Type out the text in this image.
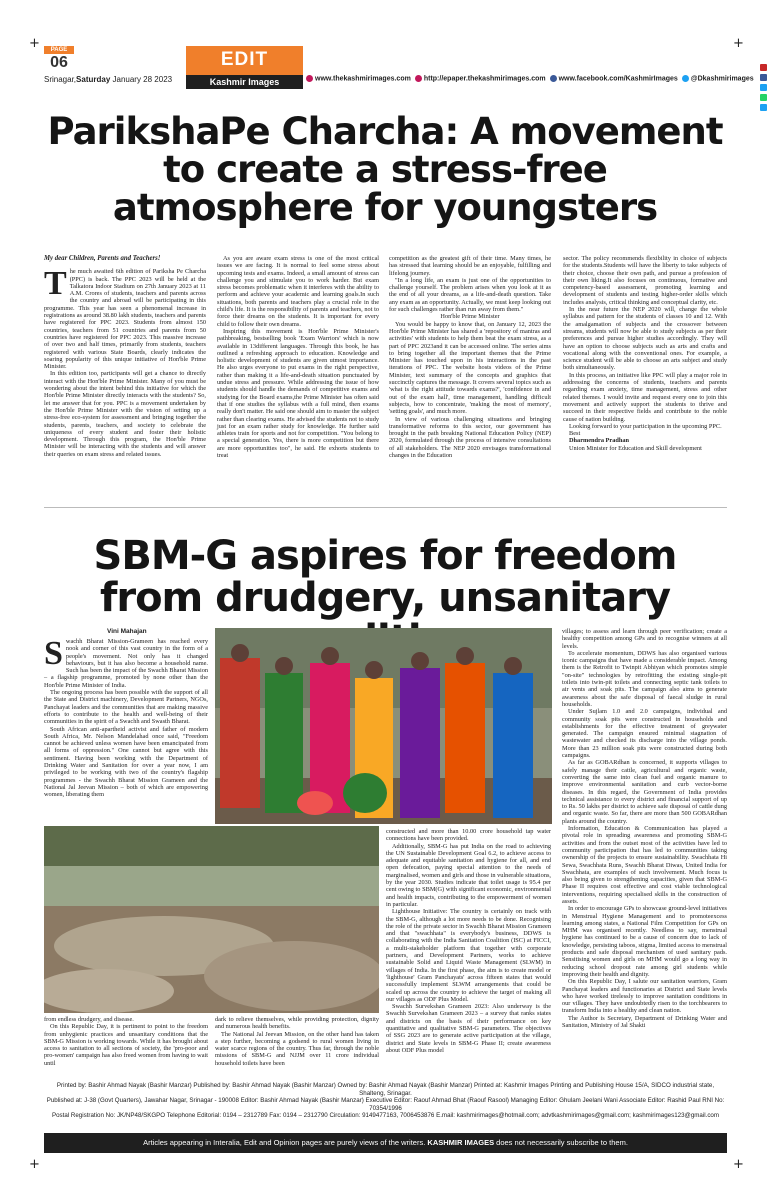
+	+
+	+
PAGE
06
Srinagar,Saturday January 28 2023
EDIT
Kashmir Images	www.thekashmirimages.com	http://epaper.thekashmirimages.com	www.facebook.com/KashmirImages	@Dkashmirimages
ParikshaPe Charcha: A movement to create a stress-free atmosphere for youngsters

My dear Children, Parents and Teachers!

The much awaited 6th edition of Pariksha Pe Charcha (PPC) is back. The PPC 2023 will be held at the Talkatora Indoor Stadium on 27th January 2023 at 11 A.M. Crores of students, teachers and parents across the country and abroad will be participating in this programme. This year has seen a phenomenal increase in registrations as around 38.80 lakh students, teachers and parents have registered for PPC 2023. Students from almost 150 countries, teachers from 51 countries and parents from 50 countries have registered for PPC 2023. This massive increase of over two and half times, primarily from students, teachers registered with various State Boards, clearly indicates the soaring popularity of this unique initiative of Hon'ble Prime Minister.

In this edition too, participants will get a chance to directly interact with the Hon'ble Prime Minister. Many of you must be wondering about the intent behind this initiative for which the Hon'ble Prime Minister directly interacts with the students? So, let me answer that for you. PPC is a movement undertaken by the Hon'ble Prime Minister with the vision of setting up a stress-free eco-system for assessment and bringing together the students, parents, teachers, and society to celebrate the uniqueness of every student and foster their holistic development. Through this program, the Hon'ble Prime Minister will be interacting with the students and will answer their queries on exam stress and related issues.

As you are aware exam stress is one of the most critical issues we are facing. It is normal to feel some stress about upcoming tests and exams. Indeed, a small amount of stress can challenge you and stimulate you to work harder. But exam stress becomes problematic when it interferes with the ability to perform and achieve your academic and learning goals.In such situations, both parents and teachers play a crucial role in the child's life. It is the responsibility of parents and teachers, not to force their dreams on the students. It is important for every child to follow their own dreams.

Inspiring this movement is Hon'ble Prime Minister's pathbreaking, bestselling book 'Exam Warriors' which is now available in 13different languages. Through this book, he has outlined a refreshing approach to education. Knowledge and holistic development of students are given utmost importance. He also urges everyone to put exams in the right perspective, rather than making it a life-and-death situation punctuated by undue stress and pressure. While addressing the issue of how students should handle the demands of competitive exams and studying for the Board exams,the Prime Minister has often said that if one studies the syllabus with a full mind, then exams really don't matter. He said one should aim to master the subject rather than clearing exams. He advised the students not to study just for an exam rather study for knowledge. He further said athletes train for sports and not for competition. "You belong to a special generation. Yes, there is more competition but there are more opportunities too", he said. He exhorts students to treat

competition as the greatest gift of their time. Many times, he has stressed that learning should be an enjoyable, fulfilling and lifelong journey.

"In a long life, an exam is just one of the opportunities to challenge yourself. The problem arises when you look at it as the end of all your dreams, as a life-and-death question. Take any exam as an opportunity. Actually, we must keep looking out for such challenges rather than run away from them."

Hon'ble Prime Minister

You would be happy to know that, on January 12, 2023 the Hon'ble Prime Minister has shared a 'repository of mantras and activities' with students to help them beat the exam stress, as a part of PPC 2023and it can be accessed online. The series aims to bring together all the important themes that the Prime Minister has touched upon in his interactions in the past iterations of PPC. The website hosts videos of the Prime Minister, text summary of the concepts and graphics that succinctly captures the message. It covers several topics such as 'what is the right attitude towards exams?', 'confidence in and out of the exam hall', time management, handling difficult subjects, how to concentrate, 'making the most of memory', 'setting goals', and much more.

In view of various challenging situations and bringing transformative reforms to this sector, our government has brought in the path breaking National Education Policy (NEP) 2020, formulated through the process of intensive consultations of all stakeholders. The NEP 2020 envisages transformational changes in the Education

sector. The policy recommends flexibility in choice of subjects for the students.Students will have the liberty to take subjects of their choice, choose their own path, and pursue a profession of their own liking.It also focuses on continuous, formative and competency-based assessment, promoting learning and development of students and testing higher-order skills which includes analysis, critical thinking and conceptual clarity, etc.

In the near future the NEP 2020 will, change the whole syllabus and pattern for the students of classes 10 and 12. With the amalgamation of subjects and the crossover between streams, students will now be able to study subjects as per their preferences and pursue higher studies accordingly. They will have an option to choose subjects such as arts and crafts and vocational along with the conventional ones. For example, a science student will be able to choose an arts subject and study both simultaneously.

In this process, an initiative like PPC will play a major role in addressing the concerns of students, teachers and parents regarding exam anxiety, time management, stress and other related themes. I would invite and request every one to join this movement and actively support the students to thrive and succeed in their respective fields and contribute to the noble cause of nation building.

Looking forward to your participation in the upcoming PPC.

Best

Dharmendra Pradhan

Union Minister for Education and Skill development

SBM-G aspires for freedom from drudgery, unsanitary
Vini Mahajan

Swachh Bharat Mission-Grameen has reached every nook and corner of this vast country in the form of a people's movement. Not only has it changed behaviours, but it has also become a household name. Such has been the impact of the Swachh Bharat Mission – a flagship programme, promoted by none other than the Hon'ble Prime Minister of India.

The ongoing process has been possible with the support of all the State and District machinery, Development Partners, NGOs, Panchayat leaders and the communities that are making massive efforts to contribute to the health and well-being of their communities in the spirit of a Swachh and Swasth Bharat.

South African anti-apartheid activist and father of modern South Africa, Mr. Nelson Mandelahad once said, "Freedom cannot be achieved unless women have been emancipated from all forms of oppression." One cannot but agree with this sentiment. Having been working with the Department of Drinking Water and Sanitation for over a year now, I am privileged to be working with two of the country's flagship programmes - the Swachh Bharat Mission Grameen and the National Jal Jeevan Mission – both of which are empowering women, liberating them

from endless drudgery, and disease.

On this Republic Day, it is pertinent to point to the freedom from unhygienic practices and unsanitary conditions that the SBM-G Mission is working towards. While it has brought about access to sanitation to all sections of society, the 'pro-poor and pro-women' campaign has also freed women from having to wait until

dark to relieve themselves, while providing protection, dignity and numerous health benefits.

The National Jal Jeevan Mission, on the other hand has taken a step further, becoming a godsend to rural women living in water scarce regions of the country. Thus far, through the noble missions of SBM-G and NJJM over 11 crore individual household toilets have been

constructed and more than 10.00 crore household tap water connections have been provided.

Additionally, SBM-G has put India on the road to achieving the UN Sustainable Development Goal 6.2, to achieve access to adequate and equitable sanitation and hygiene for all, and end open defecation, paying special attention to the needs of marginalised, women and girls and those in vulnerable situations, by the year 2030. Studies indicate that toilet usage is 95.4 per cent owing to SBM(G) with significant economic, environmental and health impacts, contributing to the empowerment of women in particular.

Lighthouse Initiative: The country is certainly on track with the SBM-G, although a lot more needs to be done. Recognising the role of the private sector in Swachh Bharat Mission Grameen and that "swachhata" is everybody's business, DDWS is collaborating with the India Sanitation Coalition (ISC) at FICCI, a multi-stakeholder platform that together with corporate partners, and Development Partners, works to achieve sustainable Solid and Liquid Waste Management (SLWM) in villages of India. In the first phase, the aim is to create model or 'lighthouse' Gram Panchayats' across fifteen states that would successfully implement SLWM arrangements that could be scaled up across the country to achieve the target of making all our villages as ODF Plus Model.

Swachh Survekshan Grameen 2023: Also underway is the Swachh Survekshan Grameen 2023 – a survey that ranks states and districts on the basis of their performance on key quantitative and qualitative SBM-G parameters. The objectives of SSG 2023 are to generate active participation at the village, district and State levels in SBM-G Phase II; create awareness about ODF Plus model

villages; to assess and learn through peer verification; create a healthy competition among GPs and to recognise winners at all levels.

To accelerate momentum, DDWS has also organised various iconic campaigns that have made a considerable impact. Among them is the Retrofit to Twinpit Abhiyan which promotes simple "on-site" technologies by retrofitting the existing single-pit toilets into twin-pit toilets and connecting septic tank toilets to air vents and soak pits. The campaign also aims to generate awareness about the safe disposal of faecal sludge in rural households.

Under Sujlam 1.0 and 2.0 campaigns, individual and community soak pits were constructed in households and establishments for the effective treatment of greywater generated. The campaign ensured minimal stagnation of wastewater and checked its discharge into the village ponds. More than 23 million soak pits were constructed during both campaigns.

As far as GOBARdhan is concerned, it supports villages to safely manage their cattle, agricultural and organic waste, converting the same into clean fuel and organic manure to improve environmental sanitation and curb vector-borne diseases. In this regard, the Government of India provides technical assistance to every district and financial support of up to Rs. 50 lakhs per district to achieve safe disposal of cattle dung and organic waste. So far, there are more than 500 GOBARdhan plants around the country.

Information, Education & Communication has played a pivotal role in spreading awareness and promoting SBM-G activities and from the outset most of the activities have led to community participation that has led to communities taking ownership of the projects to ensure sustainability. Swachhata Hi Sewa, Swachhata Runs, Swachh Bharat Diwas, United India for Swachhata, are examples of such involvement. Much focus is also being given to strengthening capacities, given that SBM-G Phase II requires cost effective and cost viable technological interventions, requiring specialised skills in the construction of assets.

In order to encourage GPs to showcase ground-level initiatives in Menstrual Hygiene Management and to promoteexcess learning among states, a National Film Competition for GPs on MHM was organised recently. Needless to say, menstrual hygiene has continued to be a cause of concern due to lack of knowledge, persisting taboos, stigma, limited access to menstrual products and safe disposal mechanism of used sanitary pads. Sensitising women and girls on MHM would go a long way in reducing school dropout rate among girl students while improving their health and dignity.

On this Republic Day, I salute our sanitation warriors, Gram Panchayat leaders and functionaries at District and State levels who have worked tirelessly to improve sanitation conditions in our villages. They have undoubtedly risen to the torchbearers to transform India into a healthy and clean nation.

The Author is Secretary, Department of Drinking Water and Sanitation, Ministry of Jal Shakti

Printed by: Bashir Ahmad Nayak (Bashir Manzar) Published by: Bashir Ahmad Nayak (Bashir Manzar) Owned by: Bashir Ahmad Nayak (Bashir Manzar) Printed at: Kashmir Images Printing and Publishing House 15/A, SIDCO industrial state, Shalteng, Srinagar.
Published at: J-38 (Govt Quarters), Jawahar Nagar, Srinagar - 190008 Editor: Bashir Ahmad Nayak (Bashir Manzar) Executive Editor: Raouf Ahmad Bhat (Raouf Rasool) Managing Editor: Ghulam Jeelani Wani Associate Editor: Rashid Paul RNI No: 70354/1996
Postal Registration No: JK/NP48/SKGPO Telephone Editorial: 0194 – 2312789 Fax: 0194 – 2312790 Circulation: 9149477163, 7006453876 E.mail: kashmirimages@hotmail.com; advtkashmirimages@gmail.com; kashmirimages123@gmail.com
Articles appearing in Interalia, Edit and Opinion pages are purely views of the writers. KASHMIR IMAGES does not necessarily subscribe to them.
